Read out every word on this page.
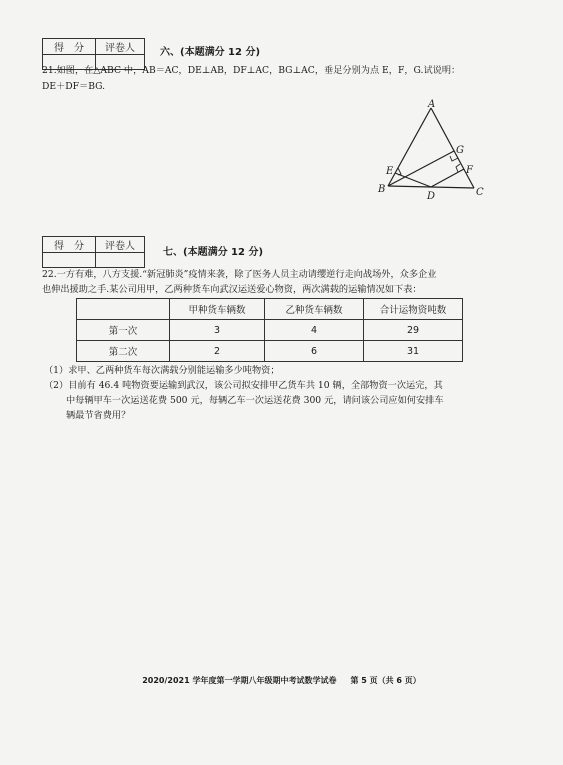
得　分	评卷人
		六、(本题满分 12 分)
21.如图，在△ABC 中，AB＝AC，DE⊥AB，DF⊥AC，BG⊥AC，垂足分别为点 E，F，G.试说明：
DE＋DF＝BG.
A
G
E	F
B
D	C
得　分	评卷人

七、(本题满分 12 分)
22.一方有难，八方支援.“新冠肺炎”疫情来袭，除了医务人员主动请缨逆行走向战场外，众多企业
也伸出援助之手.某公司用甲，乙两种货车向武汉运送爱心物资，两次满载的运输情况如下表：
	甲种货车辆数	乙种货车辆数	合计运物资吨数
第一次	3	4	29
第二次	2	6	31
（1）求甲、乙两种货车每次满载分别能运输多少吨物资；
（2）目前有 46.4 吨物资要运输到武汉，该公司拟安排甲乙货车共 10 辆，全部物资一次运完，其
中每辆甲车一次运送花费 500 元，每辆乙车一次运送花费 300 元，请问该公司应如何安排车
辆最节省费用？
2020/2021 学年度第一学期八年级期中考试数学试卷 第 5 页（共 6 页）
